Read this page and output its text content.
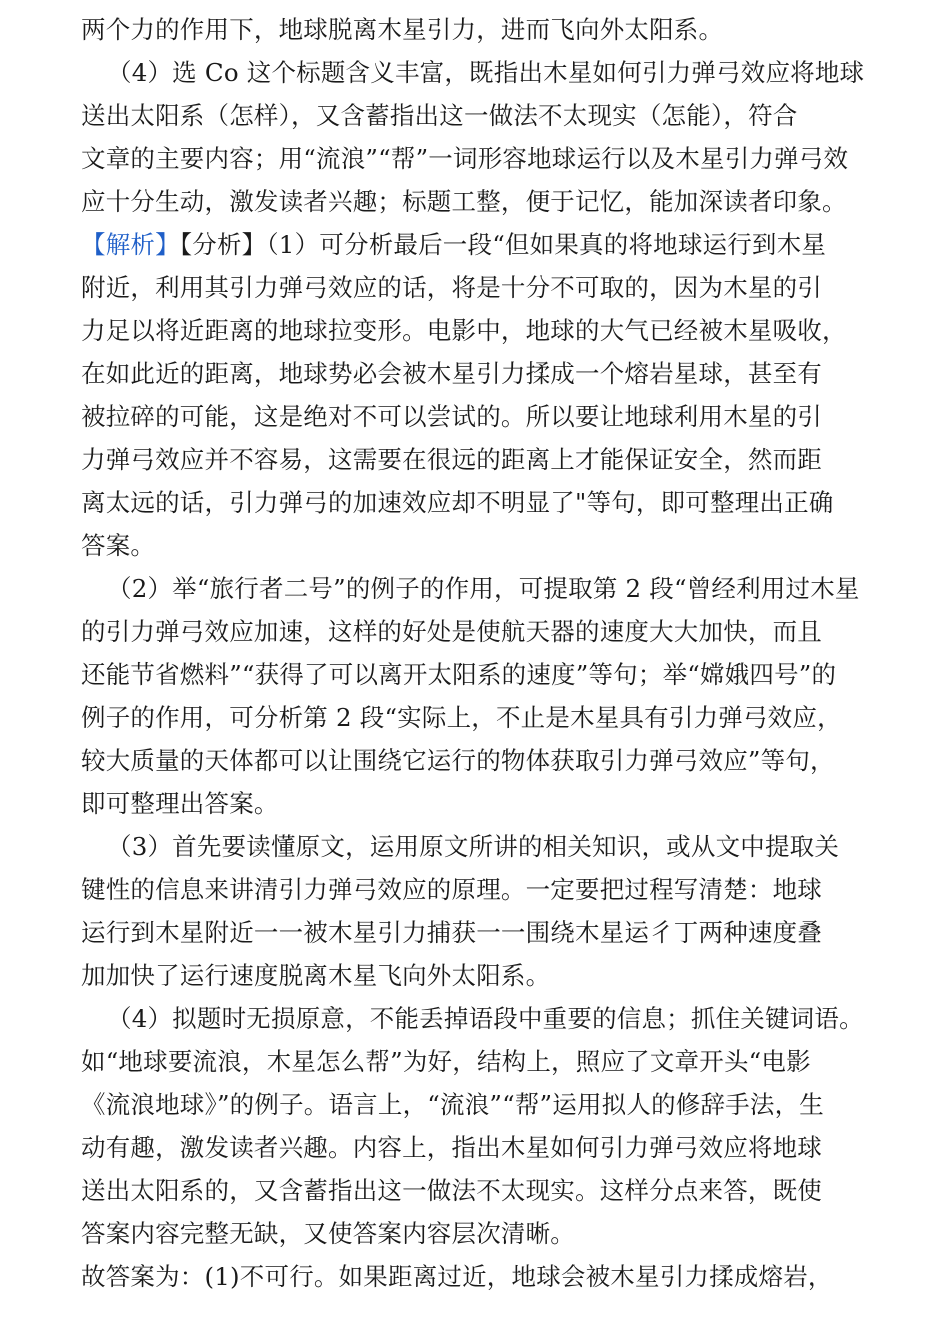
两个力的作用下，地球脱离木星引力，进而飞向外太阳系。
（4）选 Co 这个标题含义丰富，既指出木星如何引力弹弓效应将地球
送出太阳系（怎样），又含蓄指出这一做法不太现实（怎能），符合
文章的主要内容；用“流浪”“帮”一词形容地球运行以及木星引力弹弓效
应十分生动，激发读者兴趣；标题工整，便于记忆，能加深读者印象。
【解析】【分析】（1）可分析最后一段“但如果真的将地球运行到木星
附近，利用其引力弹弓效应的话，将是十分不可取的，因为木星的引
力足以将近距离的地球拉变形。电影中，地球的大气已经被木星吸收，
在如此近的距离，地球势必会被木星引力揉成一个熔岩星球，甚至有
被拉碎的可能，这是绝对不可以尝试的。所以要让地球利用木星的引
力弹弓效应并不容易，这需要在很远的距离上才能保证安全，然而距
离太远的话，引力弹弓的加速效应却不明显了"等句，即可整理出正确
答案。
（2）举“旅行者二号”的例子的作用，可提取第 2 段“曾经利用过木星
的引力弹弓效应加速，这样的好处是使航天器的速度大大加快，而且
还能节省燃料”“获得了可以离开太阳系的速度”等句；举“嫦娥四号”的
例子的作用，可分析第 2 段“实际上，不止是木星具有引力弹弓效应，
较大质量的天体都可以让围绕它运行的物体获取引力弹弓效应”等句，
即可整理出答案。
（3）首先要读懂原文，运用原文所讲的相关知识，或从文中提取关
键性的信息来讲清引力弹弓效应的原理。一定要把过程写清楚：地球
运行到木星附近一一被木星引力捕获一一围绕木星运彳丁两种速度叠
加加快了运行速度脱离木星飞向外太阳系。
（4）拟题时无损原意，不能丢掉语段中重要的信息；抓住关键词语。
如“地球要流浪，木星怎么帮”为好，结构上，照应了文章开头“电影
《流浪地球》”的例子。语言上，“流浪”“帮”运用拟人的修辞手法，生
动有趣，激发读者兴趣。内容上，指出木星如何引力弹弓效应将地球
送出太阳系的，又含蓄指出这一做法不太现实。这样分点来答，既使
答案内容完整无缺，又使答案内容层次清晰。
故答案为：(1)不可行。如果距离过近，地球会被木星引力揉成熔岩，
